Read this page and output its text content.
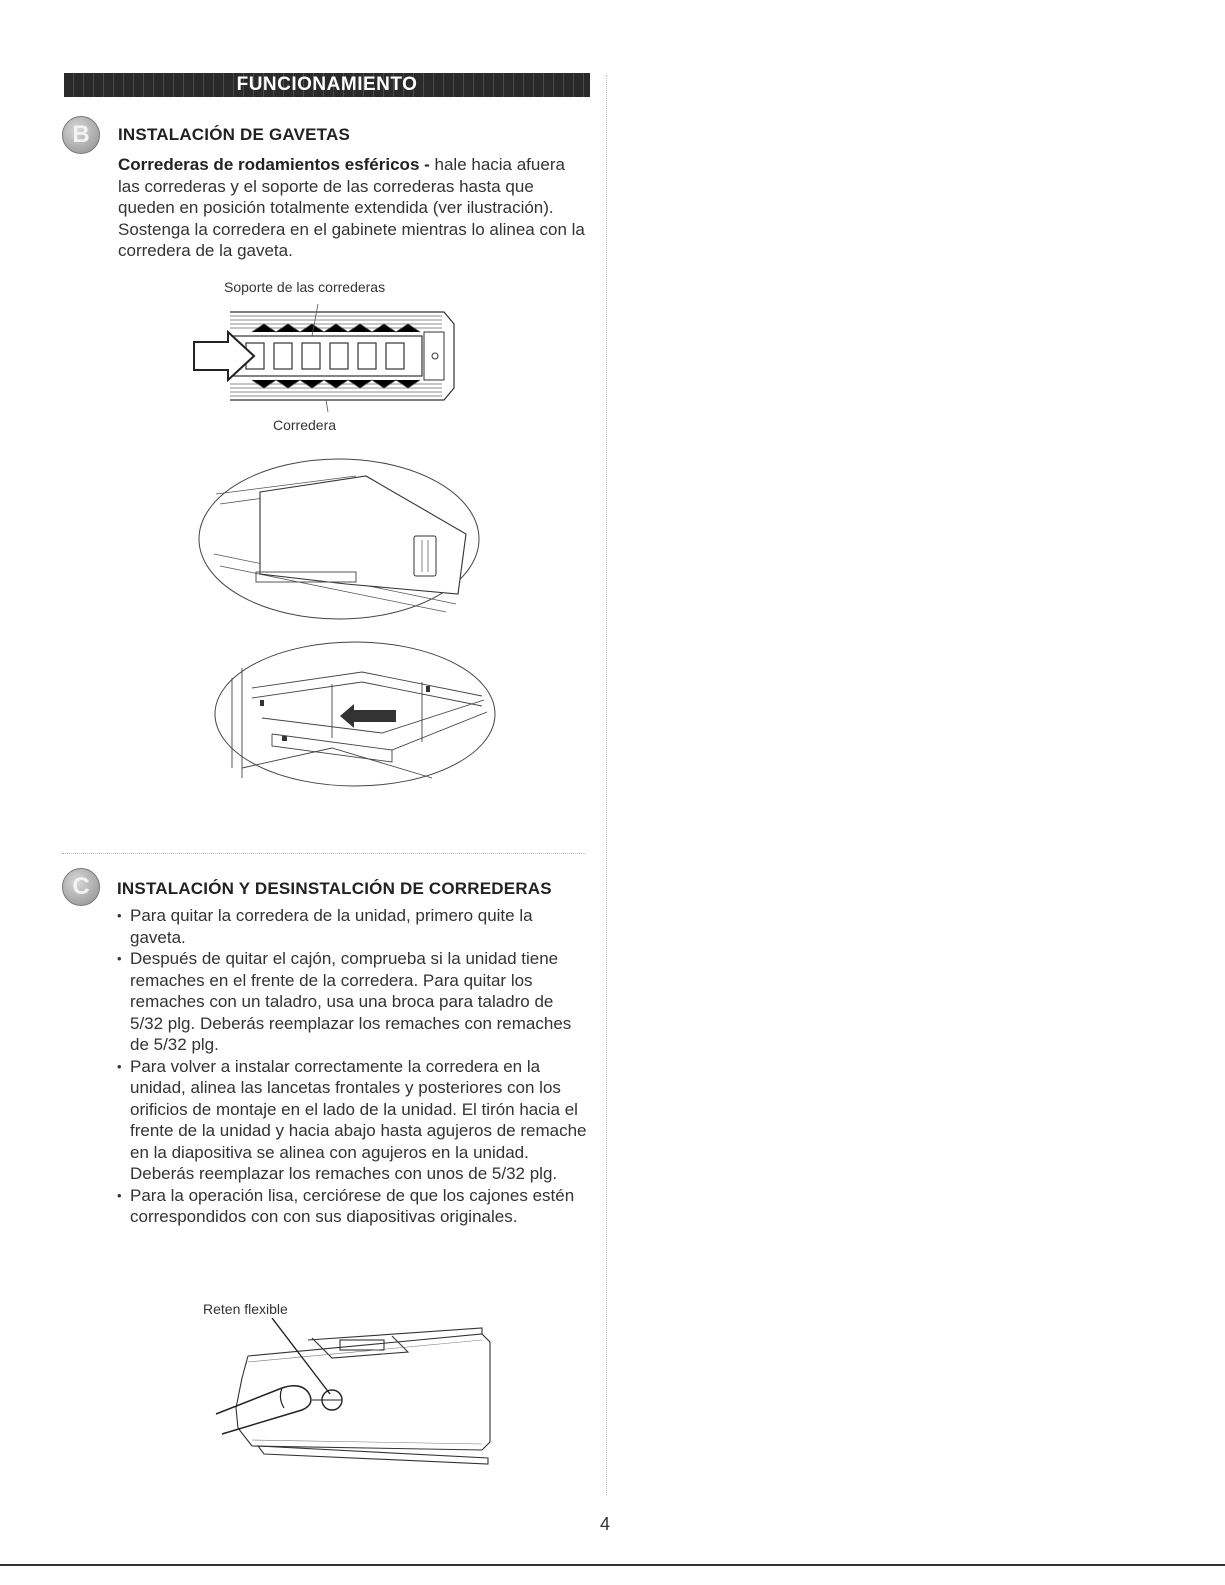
FUNCIONAMIENTO
B	INSTALACIÓN DE GAVETAS

Correderas de rodamientos esféricos - hale hacia afuera las correderas y el soporte de las correderas hasta que queden en posición totalmente extendida (ver ilustración). Sostenga la corredera en el gabinete mientras lo alinea con la corredera de la gaveta.

Soporte de las correderas
Corredera
C	INSTALACIÓN Y DESINSTALCIÓN DE CORREDERAS
• Para quitar la corredera de la unidad, primero quite la gaveta.
• Después de quitar el cajón, comprueba si la unidad tiene remaches en el frente de la corredera. Para quitar los remaches con un taladro, usa una broca para taladro de 5/32 plg. Deberás reemplazar los remaches con remaches de 5/32 plg.
• Para volver a instalar correctamente la corredera en la unidad, alinea las lancetas frontales y posteriores con los orificios de montaje en el lado de la unidad. El tirón hacia el frente de la unidad y hacia abajo hasta agujeros de remache en la diapositiva se alinea con agujeros en la unidad. Deberás reemplazar los remaches con unos de 5/32 plg.
• Para la operación lisa, cerciórese de que los cajones estén correspondidos con con sus diapositivas originales.
Reten flexible
4
